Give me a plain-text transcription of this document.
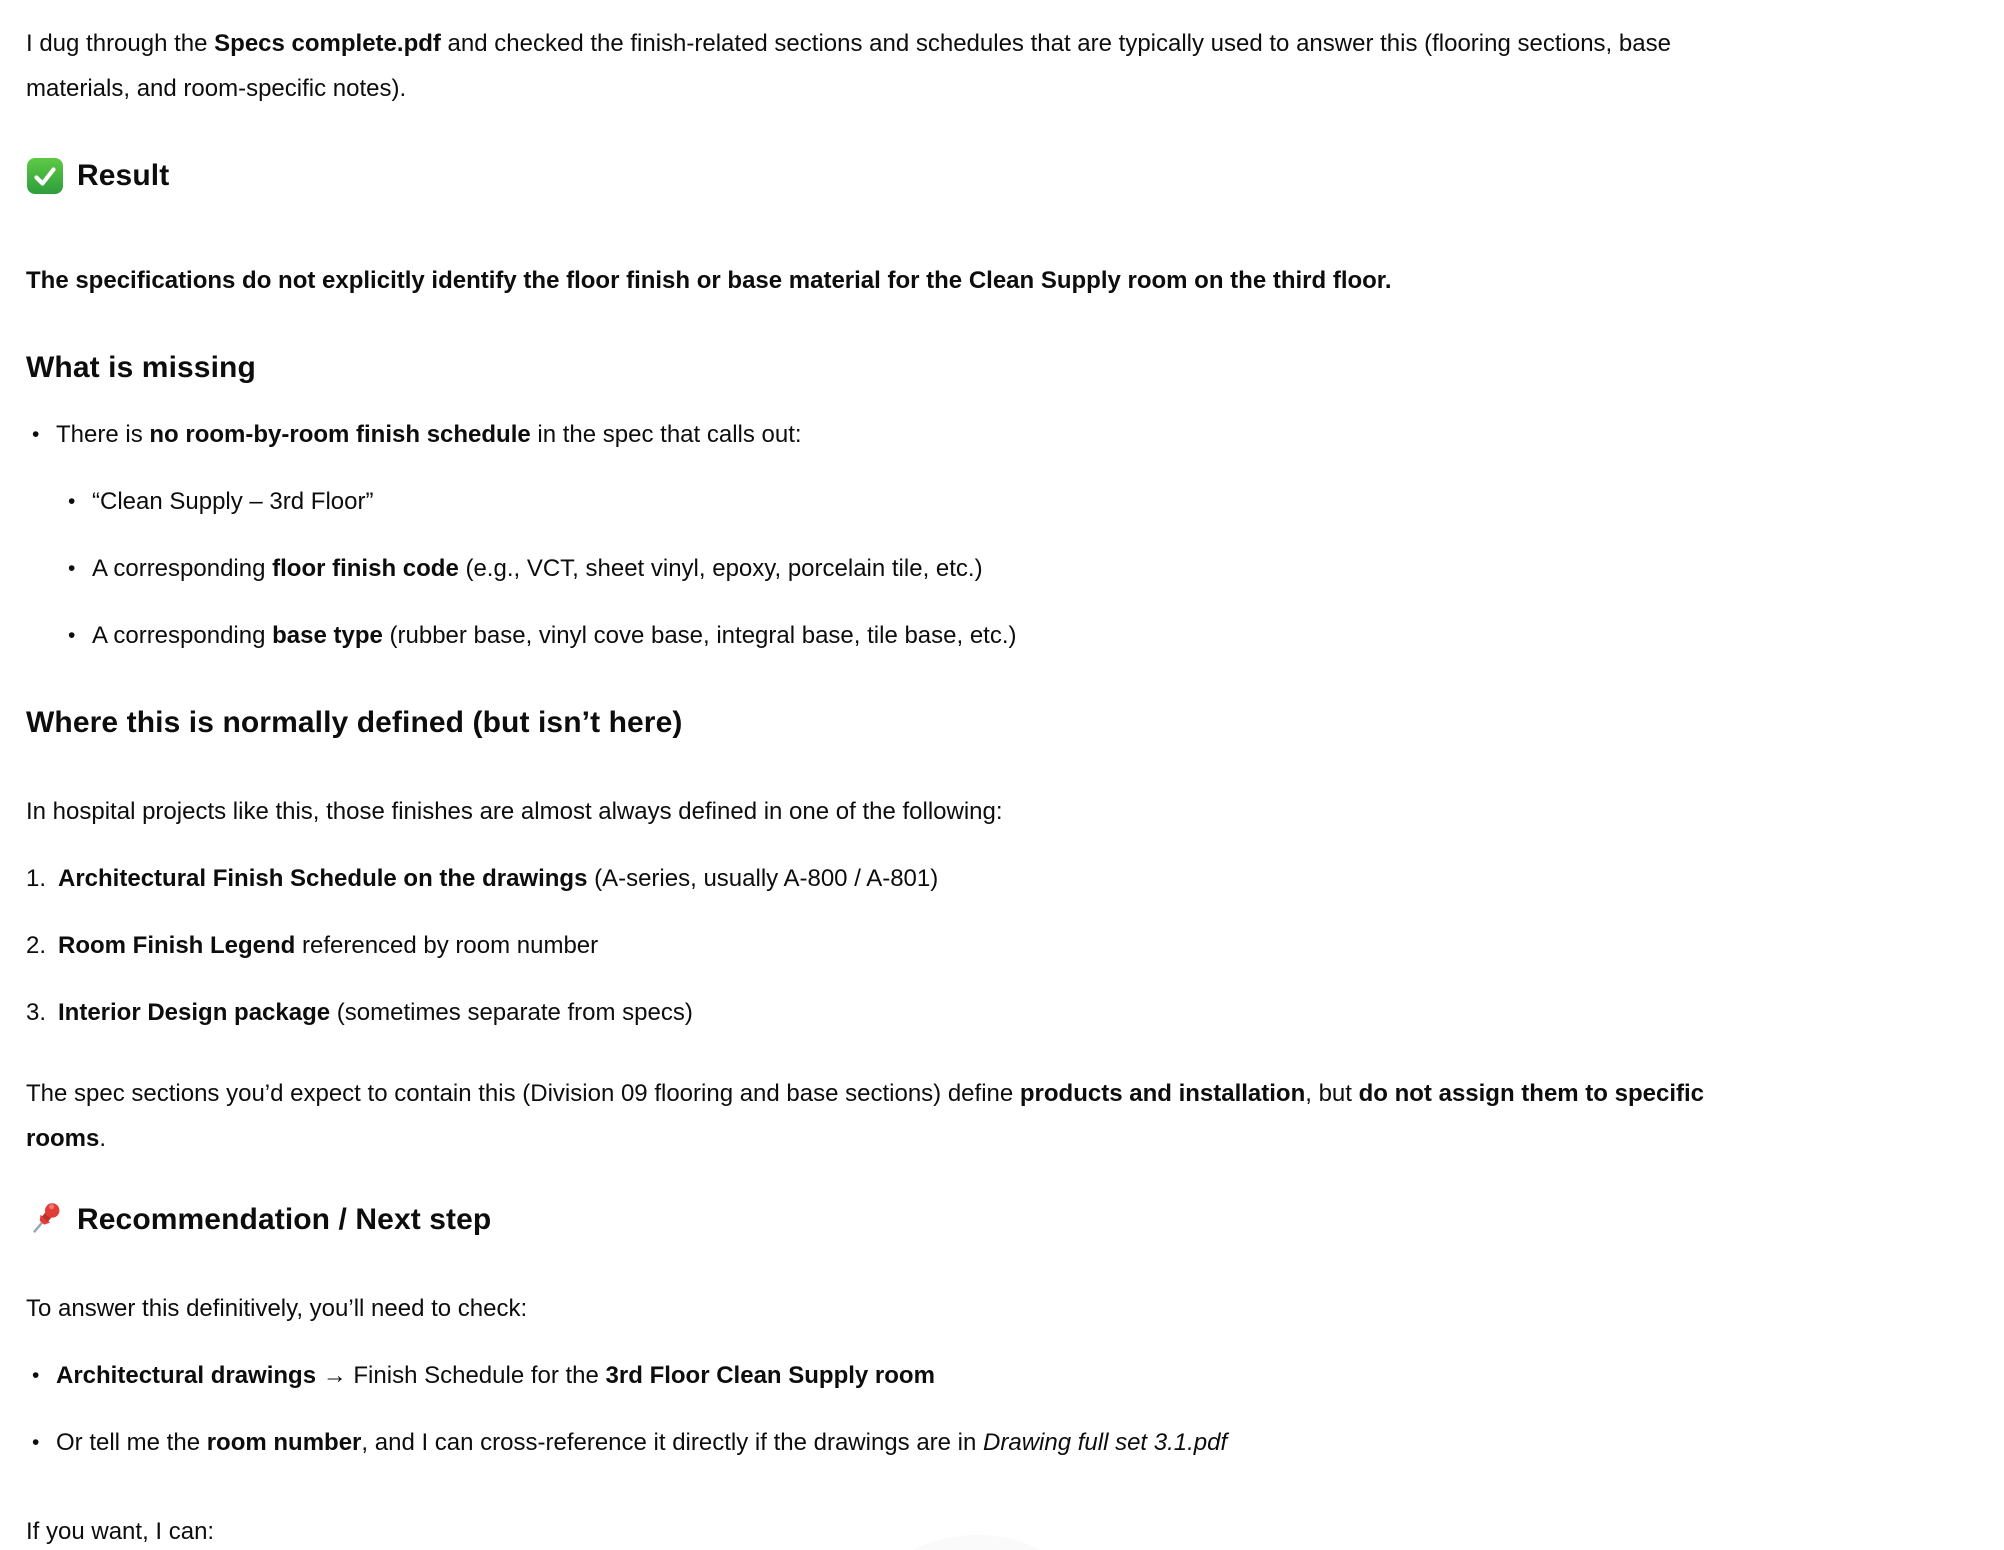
I dug through the Specs complete.pdf and checked the finish-related sections and schedules that are typically used to answer this (flooring sections, base
materials, and room-specific notes).
Result
The specifications do not explicitly identify the floor finish or base material for the Clean Supply room on the third floor.
What is missing
• There is no room-by-room finish schedule in the spec that calls out:
• “Clean Supply – 3rd Floor”
• A corresponding floor finish code (e.g., VCT, sheet vinyl, epoxy, porcelain tile, etc.)
• A corresponding base type (rubber base, vinyl cove base, integral base, tile base, etc.)
Where this is normally defined (but isn’t here)
In hospital projects like this, those finishes are almost always defined in one of the following:
1. Architectural Finish Schedule on the drawings (A-series, usually A-800 / A-801)
2. Room Finish Legend referenced by room number
3. Interior Design package (sometimes separate from specs)
The spec sections you’d expect to contain this (Division 09 flooring and base sections) define products and installation, but do not assign them to specific
rooms.
Recommendation / Next step
To answer this definitively, you’ll need to check:
• Architectural drawings → Finish Schedule for the 3rd Floor Clean Supply room
• Or tell me the room number, and I can cross-reference it directly if the drawings are in Drawing full set 3.1.pdf
If you want, I can:
